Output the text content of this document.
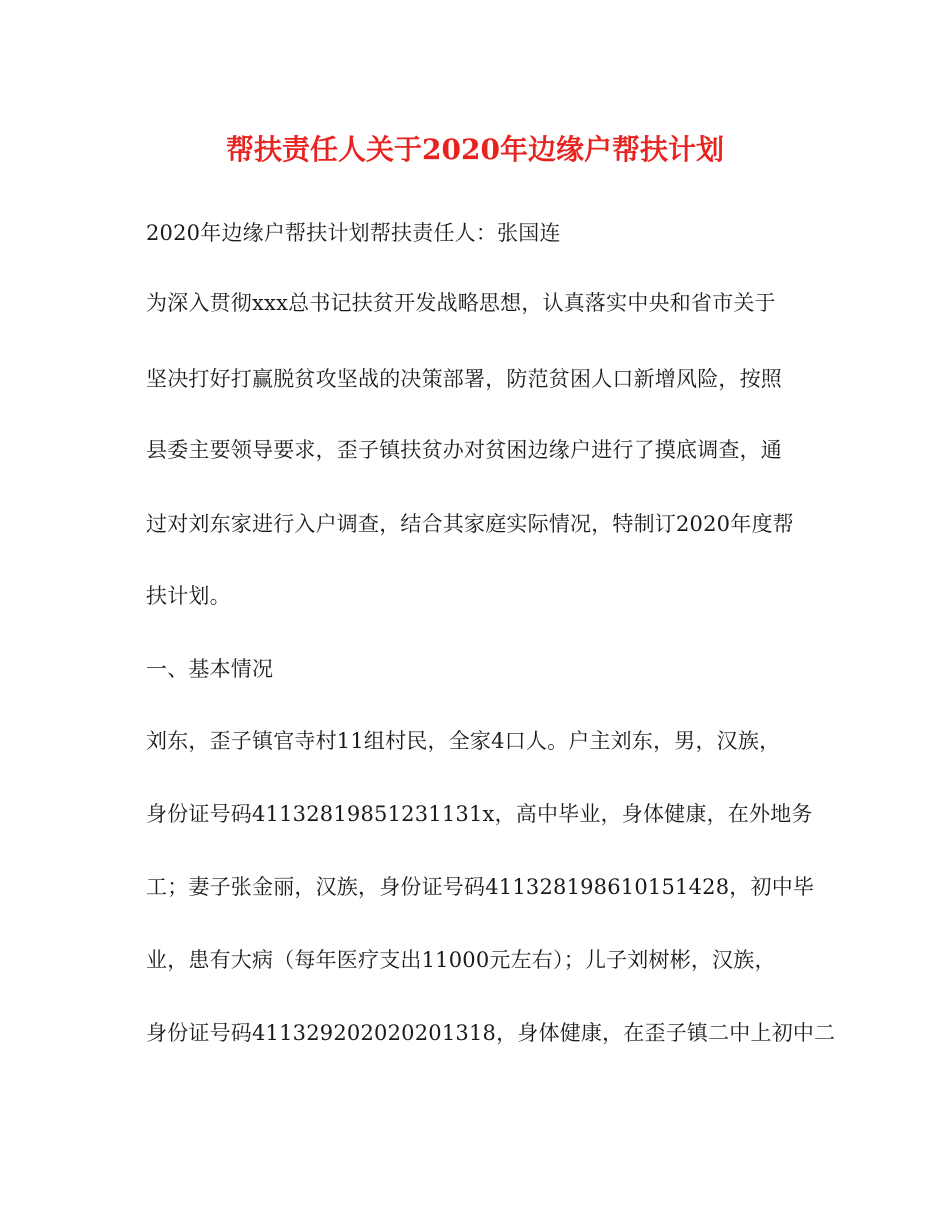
帮扶责任人关于2020年边缘户帮扶计划
2020年边缘户帮扶计划帮扶责任人：张国连
为深入贯彻xxx总书记扶贫开发战略思想，认真落实中央和省市关于
坚决打好打赢脱贫攻坚战的决策部署，防范贫困人口新增风险，按照
县委主要领导要求，歪子镇扶贫办对贫困边缘户进行了摸底调查，通
过对刘东家进行入户调查，结合其家庭实际情况，特制订2020年度帮
扶计划。
一、基本情况
刘东，歪子镇官寺村11组村民，全家4口人。户主刘东，男，汉族，
身份证号码41132819851231131x，高中毕业，身体健康，在外地务
工；妻子张金丽，汉族，身份证号码411328198610151428，初中毕
业，患有大病（每年医疗支出11000元左右）；儿子刘树彬，汉族，
身份证号码411329202020201318，身体健康，在歪子镇二中上初中二
